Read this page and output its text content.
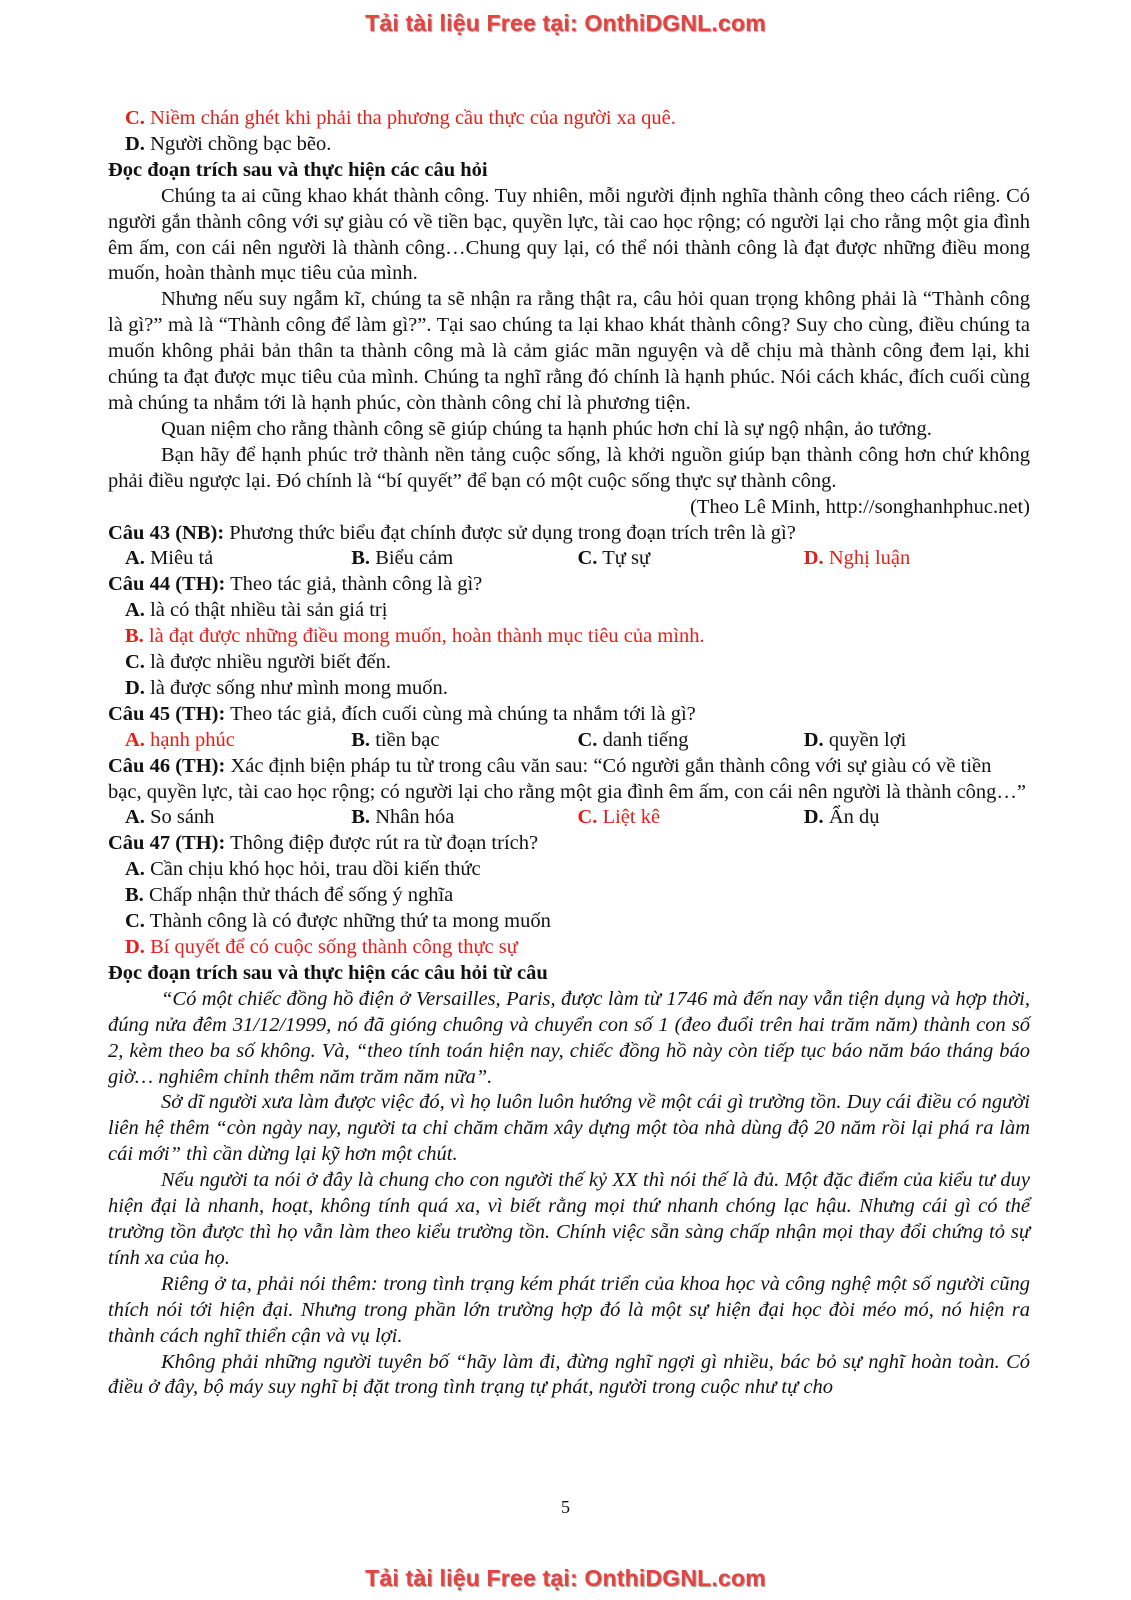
Tải tài liệu Free tại: OnthiDGNL.com
C. Niềm chán ghét khi phải tha phương cầu thực của người xa quê.
D. Người chồng bạc bẽo.
Đọc đoạn trích sau và thực hiện các câu hỏi
Chúng ta ai cũng khao khát thành công. Tuy nhiên, mỗi người định nghĩa thành công theo cách riêng. Có người gắn thành công với sự giàu có về tiền bạc, quyền lực, tài cao học rộng; có người lại cho rằng một gia đình êm ấm, con cái nên người là thành công…Chung quy lại, có thể nói thành công là đạt được những điều mong muốn, hoàn thành mục tiêu của mình.
Nhưng nếu suy ngẫm kĩ, chúng ta sẽ nhận ra rằng thật ra, câu hỏi quan trọng không phải là “Thành công là gì?” mà là “Thành công để làm gì?”. Tại sao chúng ta lại khao khát thành công? Suy cho cùng, điều chúng ta muốn không phải bản thân ta thành công mà là cảm giác mãn nguyện và dễ chịu mà thành công đem lại, khi chúng ta đạt được mục tiêu của mình. Chúng ta nghĩ rằng đó chính là hạnh phúc. Nói cách khác, đích cuối cùng mà chúng ta nhắm tới là hạnh phúc, còn thành công chỉ là phương tiện.
Quan niệm cho rằng thành công sẽ giúp chúng ta hạnh phúc hơn chỉ là sự ngộ nhận, ảo tưởng.
Bạn hãy để hạnh phúc trở thành nền tảng cuộc sống, là khởi nguồn giúp bạn thành công hơn chứ không phải điều ngược lại. Đó chính là “bí quyết” để bạn có một cuộc sống thực sự thành công.
(Theo Lê Minh, http://songhanhphuc.net)
Câu 43 (NB): Phương thức biểu đạt chính được sử dụng trong đoạn trích trên là gì?
A. Miêu tả	B. Biểu cảm	C. Tự sự	D. Nghị luận
Câu 44 (TH): Theo tác giả, thành công là gì?
A. là có thật nhiều tài sản giá trị
B. là đạt được những điều mong muốn, hoàn thành mục tiêu của mình.
C. là được nhiều người biết đến.
D. là được sống như mình mong muốn.
Câu 45 (TH): Theo tác giả, đích cuối cùng mà chúng ta nhắm tới là gì?
A. hạnh phúc	B. tiền bạc	C. danh tiếng	D. quyền lợi
Câu 46 (TH): Xác định biện pháp tu từ trong câu văn sau: “Có người gắn thành công với sự giàu có về tiền bạc, quyền lực, tài cao học rộng; có người lại cho rằng một gia đình êm ấm, con cái nên người là thành công…”
A. So sánh	B. Nhân hóa	C. Liệt kê	D. Ẩn dụ
Câu 47 (TH): Thông điệp được rút ra từ đoạn trích?
A. Cần chịu khó học hỏi, trau dồi kiến thức
B. Chấp nhận thử thách để sống ý nghĩa
C. Thành công là có được những thứ ta mong muốn
D. Bí quyết để có cuộc sống thành công thực sự
Đọc đoạn trích sau và thực hiện các câu hỏi từ câu
“Có một chiếc đồng hồ điện ở Versailles, Paris, được làm từ 1746 mà đến nay vẫn tiện dụng và hợp thời, đúng nửa đêm 31/12/1999, nó đã gióng chuông và chuyển con số 1 (đeo đuổi trên hai trăm năm) thành con số 2, kèm theo ba số không. Và, “theo tính toán hiện nay, chiếc đồng hồ này còn tiếp tục báo năm báo tháng báo giờ… nghiêm chỉnh thêm năm trăm năm nữa”.
Sở dĩ người xưa làm được việc đó, vì họ luôn luôn hướng về một cái gì trường tồn. Duy cái điều có người liên hệ thêm “còn ngày nay, người ta chỉ chăm chăm xây dựng một tòa nhà dùng độ 20 năm rồi lại phá ra làm cái mới” thì cần dừng lại kỹ hơn một chút.
Nếu người ta nói ở đây là chung cho con người thế kỷ XX thì nói thế là đủ. Một đặc điểm của kiểu tư duy hiện đại là nhanh, hoạt, không tính quá xa, vì biết rằng mọi thứ nhanh chóng lạc hậu. Nhưng cái gì có thể trường tồn được thì họ vẫn làm theo kiểu trường tồn. Chính việc sẵn sàng chấp nhận mọi thay đổi chứng tỏ sự tính xa của họ.
Riêng ở ta, phải nói thêm: trong tình trạng kém phát triển của khoa học và công nghệ một số người cũng thích nói tới hiện đại. Nhưng trong phần lớn trường hợp đó là một sự hiện đại học đòi méo mó, nó hiện ra thành cách nghĩ thiển cận và vụ lợi.
Không phải những người tuyên bố “hãy làm đi, đừng nghĩ ngợi gì nhiều, bác bỏ sự nghĩ hoàn toàn. Có điều ở đây, bộ máy suy nghĩ bị đặt trong tình trạng tự phát, người trong cuộc như tự cho
5
Tải tài liệu Free tại: OnthiDGNL.com
